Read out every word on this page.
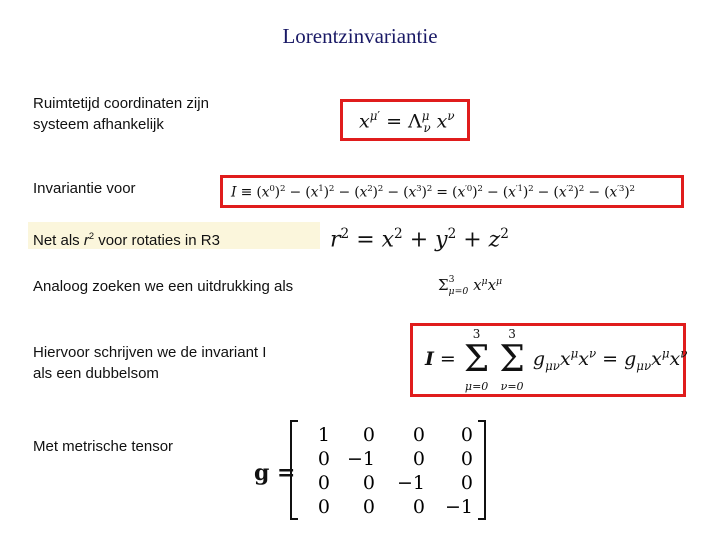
Lorentzinvariantie
Ruimtetijd coordinaten zijn
systeem afhankelijk	$x^{\mu'} = \Lambda^\mu_\nu$ $x^\nu$
Invariantie voor	$I \equiv (x^0)^2 - (x^1)^2 - (x^2)^2 - (x^3)^2 = (x^{'0})^2 - (x^{'1})^2 - (x^{'2})^2 - (x^{'3})^2$
Net als $r^2$ voor rotaties in R3	$r^2 = x^2 + y^2 + z^2$
Analoog zoeken we een uitdrukking als	$\Sigma^3_{\mu=0}$ $x^\mu x^\mu$
Hiervoor schrijven we de invariant I
als een dubbelsom
I =
3
Σ
μ=0

3
Σ
ν=0
$g_{\mu\nu}x^\mu x^\nu = g_{\mu\nu}x^\mu x^\nu$
Met metrische tensor
g =
1	0	0	0
0 −1	0	0
0	0	−1	0
0	0	0	−1
